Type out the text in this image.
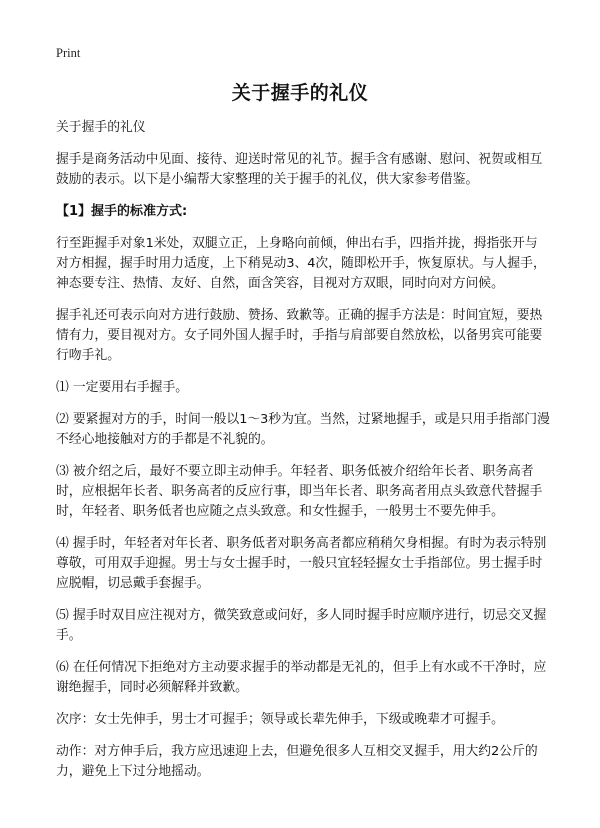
Print
关于握手的礼仪

关于握手的礼仪

握手是商务活动中见面、接待、迎送时常见的礼节。握手含有感谢、慰问、祝贺或相互鼓励的表示。以下是小编帮大家整理的关于握手的礼仪，供大家参考借鉴。

【1】握手的标准方式:

行至距握手对象1米处，双腿立正，上身略向前倾，伸出右手，四指并拢，拇指张开与对方相握，握手时用力适度，上下稍晃动3、4次，随即松开手，恢复原状。与人握手，神态要专注、热情、友好、自然，面含笑容，目视对方双眼，同时向对方问候。

握手礼还可表示向对方进行鼓励、赞扬、致歉等。正确的握手方法是：时间宜短，要热情有力，要目视对方。女子同外国人握手时，手指与肩部要自然放松，以备男宾可能要行吻手礼。

⑴ 一定要用右手握手。

⑵ 要紧握对方的手，时间一般以1～3秒为宜。当然，过紧地握手，或是只用手指部门漫不经心地接触对方的手都是不礼貌的。

⑶ 被介绍之后，最好不要立即主动伸手。年轻者、职务低被介绍给年长者、职务高者时，应根据年长者、职务高者的反应行事，即当年长者、职务高者用点头致意代替握手时，年轻者、职务低者也应随之点头致意。和女性握手，一般男士不要先伸手。

⑷ 握手时，年轻者对年长者、职务低者对职务高者都应稍稍欠身相握。有时为表示特别尊敬，可用双手迎握。男士与女士握手时，一般只宜轻轻握女士手指部位。男士握手时应脱帽，切忌戴手套握手。

⑸ 握手时双目应注视对方，微笑致意或问好，多人同时握手时应顺序进行，切忌交叉握手。

⑹ 在任何情况下拒绝对方主动要求握手的举动都是无礼的，但手上有水或不干净时，应谢绝握手，同时必须解释并致歉。

次序：女士先伸手，男士才可握手；领导或长辈先伸手，下级或晚辈才可握手。

动作：对方伸手后，我方应迅速迎上去，但避免很多人互相交叉握手，用大约2公斤的力，避免上下过分地摇动。
